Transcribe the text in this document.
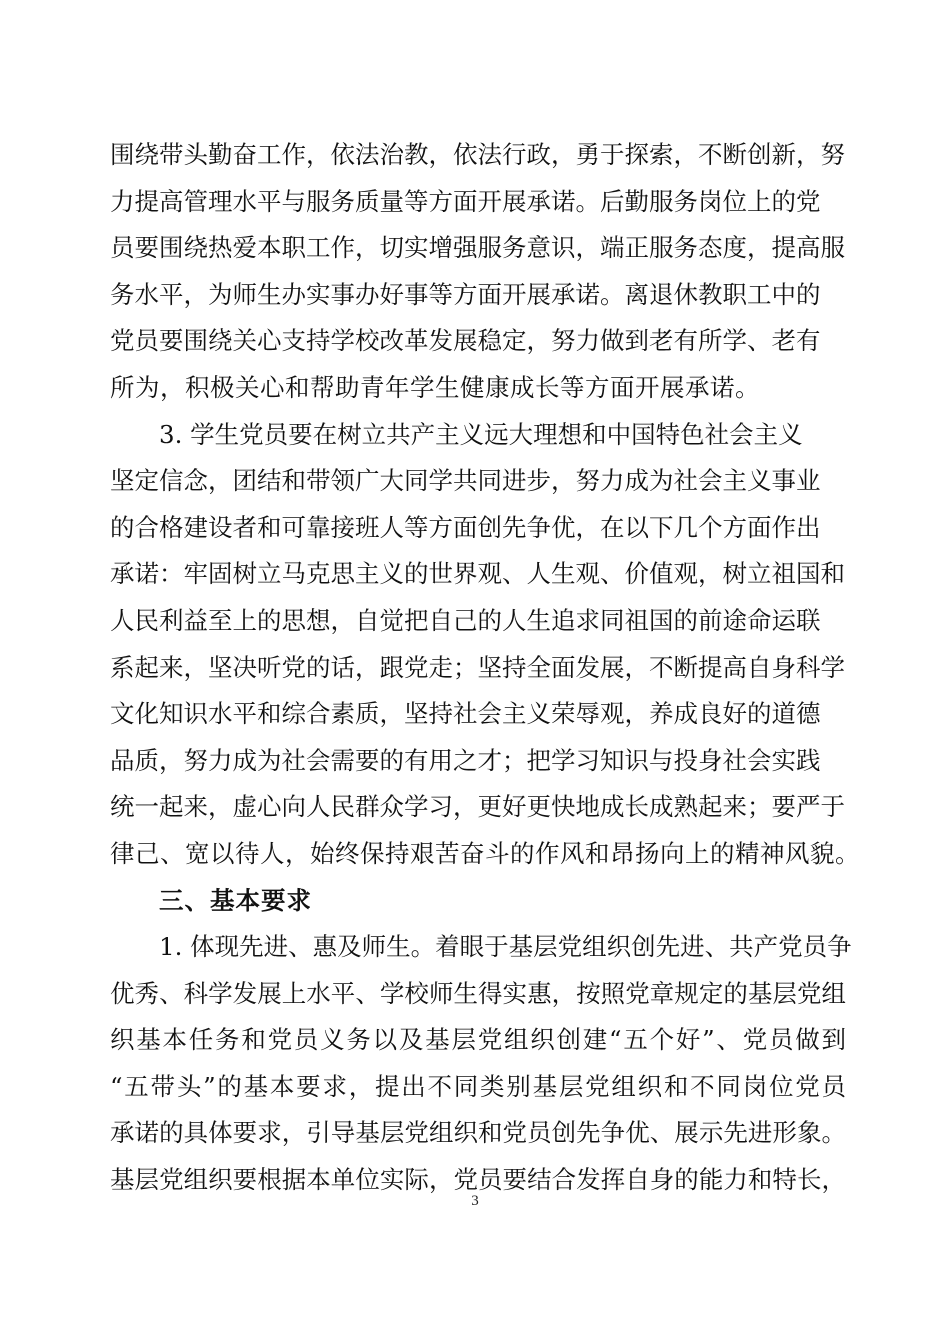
围绕带头勤奋工作，依法治教，依法行政，勇于探索，不断创新，努
力提高管理水平与服务质量等方面开展承诺。后勤服务岗位上的党
员要围绕热爱本职工作，切实增强服务意识，端正服务态度，提高服
务水平，为师生办实事办好事等方面开展承诺。离退休教职工中的
党员要围绕关心支持学校改革发展稳定，努力做到老有所学、老有
所为，积极关心和帮助青年学生健康成长等方面开展承诺。

3. 学生党员要在树立共产主义远大理想和中国特色社会主义
坚定信念，团结和带领广大同学共同进步，努力成为社会主义事业
的合格建设者和可靠接班人等方面创先争优，在以下几个方面作出
承诺：牢固树立马克思主义的世界观、人生观、价值观，树立祖国和
人民利益至上的思想，自觉把自己的人生追求同祖国的前途命运联
系起来，坚决听党的话，跟党走；坚持全面发展，不断提高自身科学
文化知识水平和综合素质，坚持社会主义荣辱观，养成良好的道德
品质，努力成为社会需要的有用之才；把学习知识与投身社会实践
统一起来，虚心向人民群众学习，更好更快地成长成熟起来；要严于
律己、宽以待人，始终保持艰苦奋斗的作风和昂扬向上的精神风貌。

三、基本要求

1. 体现先进、惠及师生。着眼于基层党组织创先进、共产党员争
优秀、科学发展上水平、学校师生得实惠，按照党章规定的基层党组
织基本任务和党员义务以及基层党组织创建“五个好”、党员做到
“五带头”的基本要求，提出不同类别基层党组织和不同岗位党员
承诺的具体要求，引导基层党组织和党员创先争优、展示先进形象。
基层党组织要根据本单位实际，党员要结合发挥自身的能力和特长，

3
